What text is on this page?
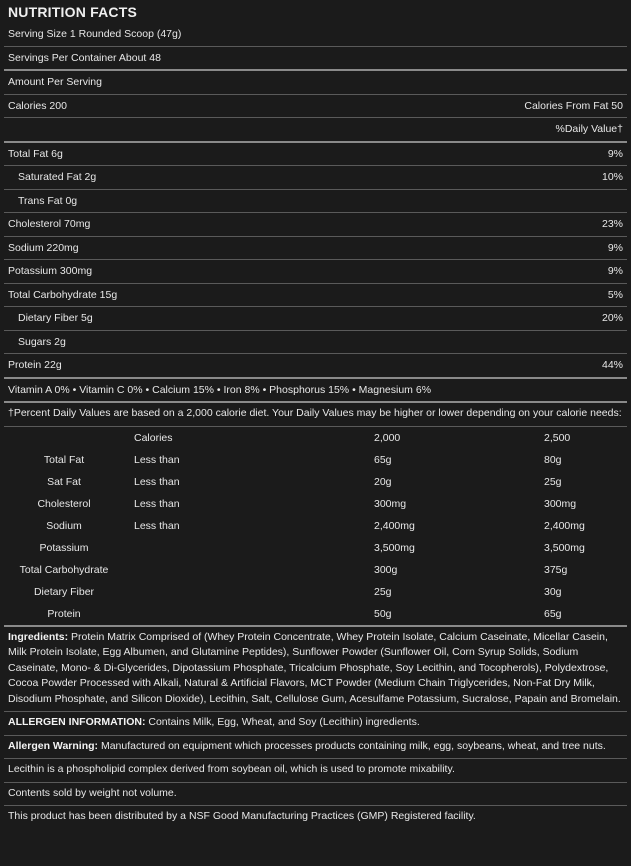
NUTRITION FACTS
Serving Size 1 Rounded Scoop (47g)
Servings Per Container About 48
Amount Per Serving
Calories 200	Calories From Fat 50
%Daily Value†
Total Fat 6g	9%
Saturated Fat 2g	10%
Trans Fat 0g
Cholesterol 70mg	23%
Sodium 220mg	9%
Potassium 300mg	9%
Total Carbohydrate 15g	5%
Dietary Fiber 5g	20%
Sugars 2g
Protein 22g	44%
Vitamin A 0% • Vitamin C 0% • Calcium 15% • Iron 8% • Phosphorus 15% • Magnesium 6%
†Percent Daily Values are based on a 2,000 calorie diet. Your Daily Values may be higher or lower depending on your calorie needs:
	Calories	2,000	2,500
Total Fat	Less than	65g	80g
Sat Fat	Less than	20g	25g
Cholesterol	Less than	300mg	300mg
Sodium	Less than	2,400mg	2,400mg
Potassium		3,500mg	3,500mg
Total Carbohydrate		300g	375g
Dietary Fiber		25g	30g
Protein		50g	65g
Ingredients: Protein Matrix Comprised of (Whey Protein Concentrate, Whey Protein Isolate, Calcium Caseinate, Micellar Casein, Milk Protein Isolate, Egg Albumen, and Glutamine Peptides), Sunflower Powder (Sunflower Oil, Corn Syrup Solids, Sodium Caseinate, Mono- & Di-Glycerides, Dipotassium Phosphate, Tricalcium Phosphate, Soy Lecithin, and Tocopherols), Polydextrose, Cocoa Powder Processed with Alkali, Natural & Artificial Flavors, MCT Powder (Medium Chain Triglycerides, Non-Fat Dry Milk, Disodium Phosphate, and Silicon Dioxide), Lecithin, Salt, Cellulose Gum, Acesulfame Potassium, Sucralose, Papain and Bromelain.
ALLERGEN INFORMATION: Contains Milk, Egg, Wheat, and Soy (Lecithin) ingredients.
Allergen Warning: Manufactured on equipment which processes products containing milk, egg, soybeans, wheat, and tree nuts.
Lecithin is a phospholipid complex derived from soybean oil, which is used to promote mixability.
Contents sold by weight not volume.
This product has been distributed by a NSF Good Manufacturing Practices (GMP) Registered facility.
